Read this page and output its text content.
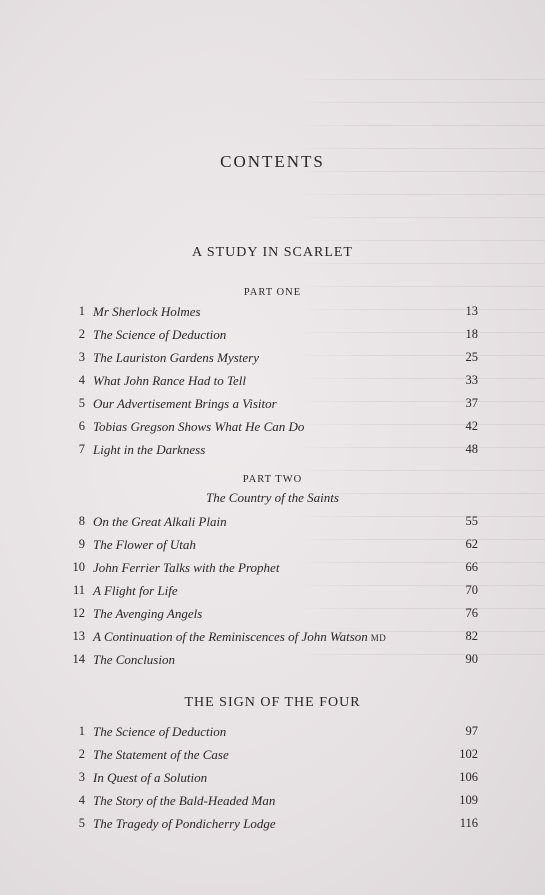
CONTENTS
A STUDY IN SCARLET
PART ONE
1 Mr Sherlock Holmes	13
2 The Science of Deduction	18
3 The Lauriston Gardens Mystery	25
4 What John Rance Had to Tell	33
5 Our Advertisement Brings a Visitor	37
6 Tobias Gregson Shows What He Can Do	42
7 Light in the Darkness	48
PART TWO
The Country of the Saints
8 On the Great Alkali Plain	55
9 The Flower of Utah	62
10 John Ferrier Talks with the Prophet	66
11 A Flight for Life	70
12 The Avenging Angels	76
13 A Continuation of the Reminiscences of John Watson MD	82
14 The Conclusion	90
THE SIGN OF THE FOUR
1 The Science of Deduction	97
2 The Statement of the Case	102
3 In Quest of a Solution	106
4 The Story of the Bald-Headed Man	109
5 The Tragedy of Pondicherry Lodge	116
